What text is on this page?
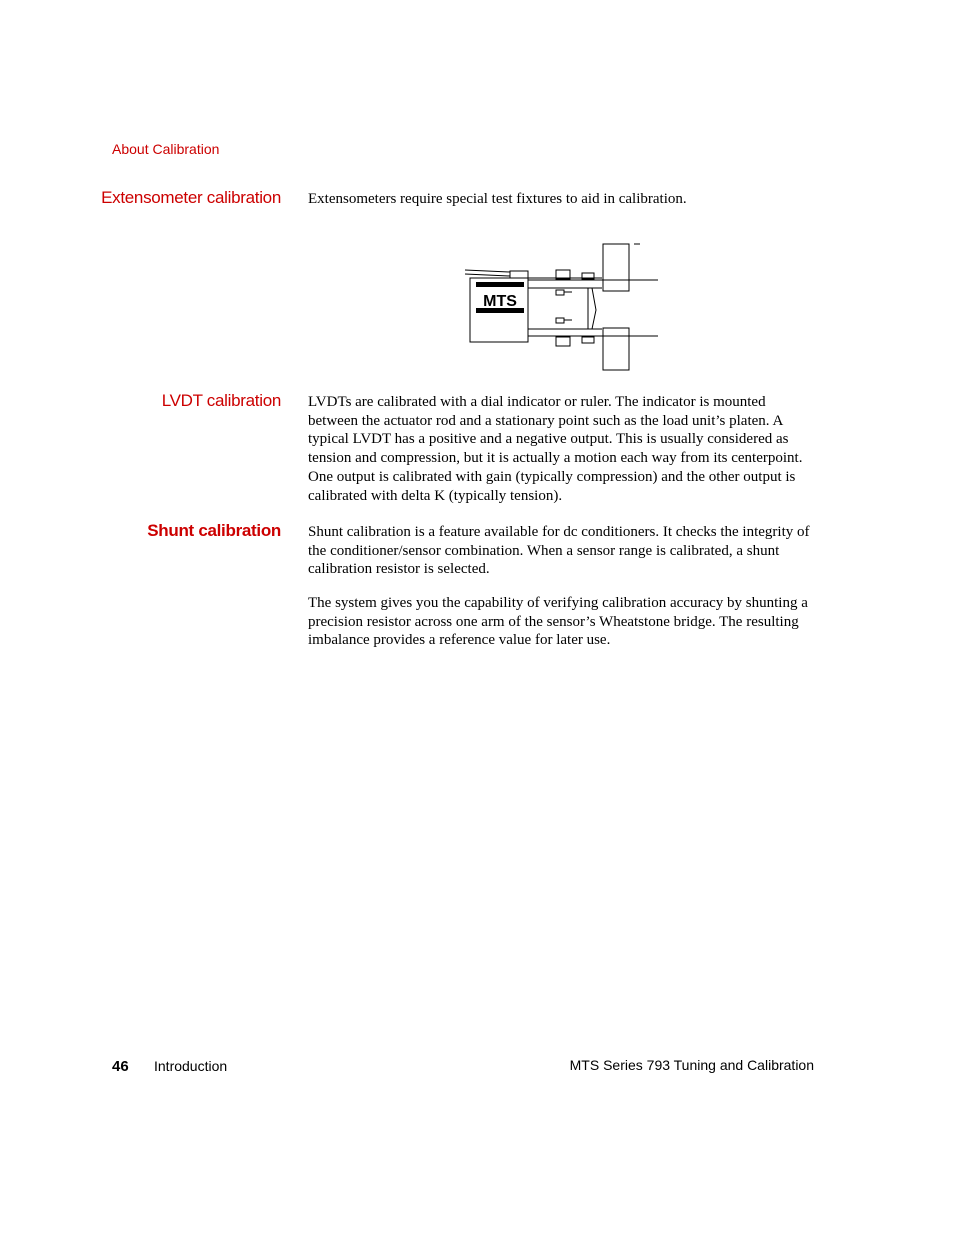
About Calibration
Extensometer calibration Extensometers require special test fixtures to aid in calibration.

MTS
LVDT calibration LVDTs are calibrated with a dial indicator or ruler. The indicator is mounted between the actuator rod and a stationary point such as the load unit’s platen. A typical LVDT has a positive and a negative output. This is usually considered as tension and compression, but it is actually a motion each way from its centerpoint. One output is calibrated with gain (typically compression) and the other output is calibrated with delta K (typically tension).

Shunt calibration Shunt calibration is a feature available for dc conditioners. It checks the integrity of the conditioner/sensor combination. When a sensor range is calibrated, a shunt calibration resistor is selected.

The system gives you the capability of verifying calibration accuracy by shunting a precision resistor across one arm of the sensor’s Wheatstone bridge. The resulting imbalance provides a reference value for later use.

46 Introduction	MTS Series 793 Tuning and Calibration
